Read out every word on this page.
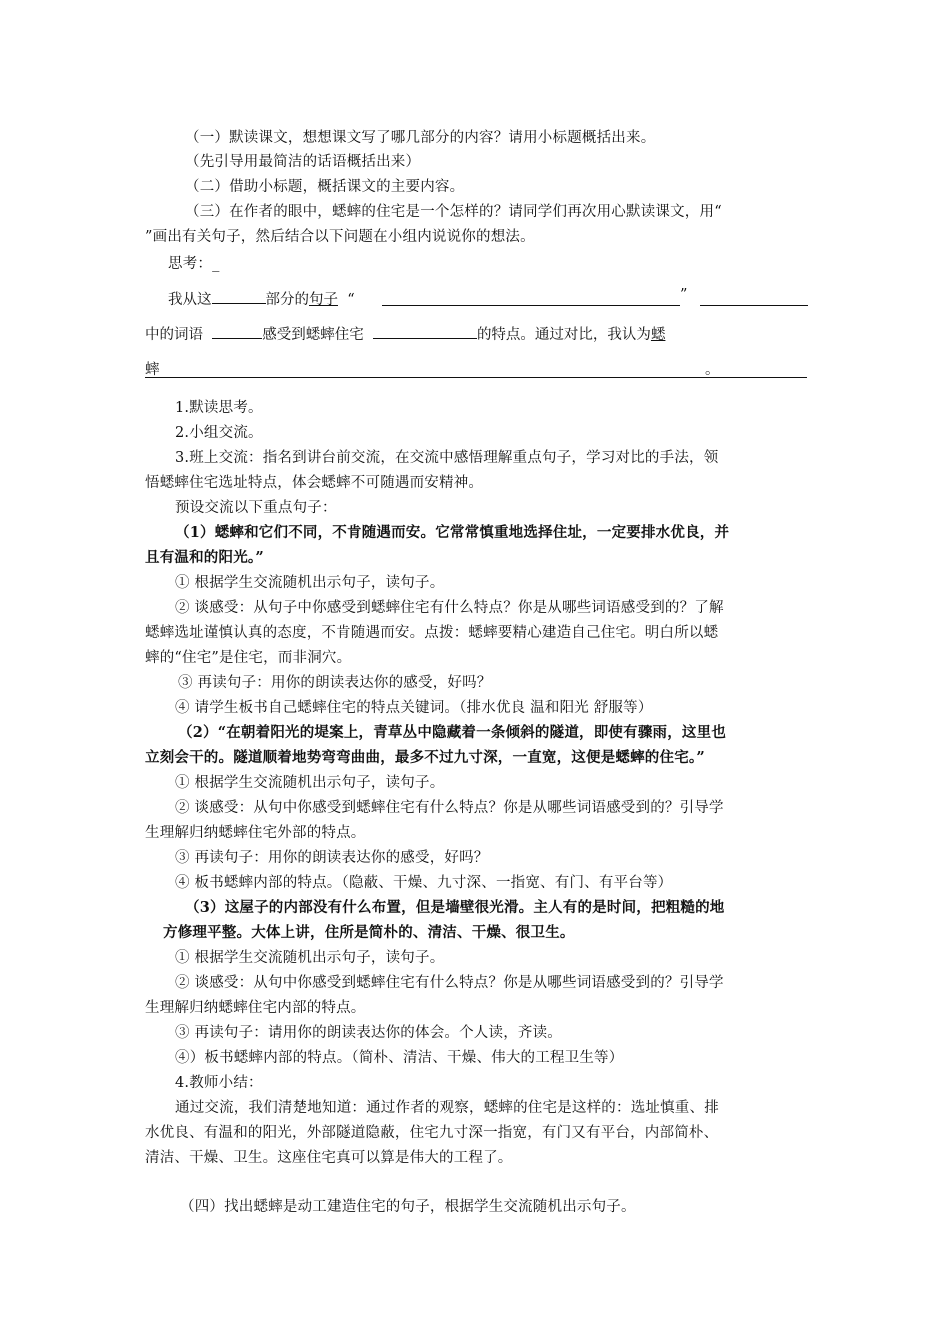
（一）默读课文，想想课文写了哪几部分的内容？请用小标题概括出来。
（先引导用最简洁的话语概括出来）
（二）借助小标题，概括课文的主要内容。
（三）在作者的眼中，蟋蟀的住宅是一个怎样的？请同学们再次用心默读课文，用“
”画出有关句子，然后结合以下问题在小组内说说你的想法。
思考：_
我从这	部分的句子 “	”
中的词语	感受到蟋蟀住宅	的特点。通过对比，我认为蟋
蟀	。
1.默读思考。
2.小组交流。
3.班上交流：指名到讲台前交流，在交流中感悟理解重点句子，学习对比的手法，领
悟蟋蟀住宅选址特点，体会蟋蟀不可随遇而安精神。
预设交流以下重点句子：
（1）蟋蟀和它们不同，不肯随遇而安。它常常慎重地选择住址，一定要排水优良，并
且有温和的阳光。”
① 根据学生交流随机出示句子，读句子。
② 谈感受：从句子中你感受到蟋蟀住宅有什么特点？你是从哪些词语感受到的？了解
蟋蟀选址谨慎认真的态度，不肯随遇而安。点拨：蟋蟀要精心建造自己住宅。明白所以蟋
蟀的“住宅”是住宅，而非洞穴。
③ 再读句子：用你的朗读表达你的感受，好吗？
④ 请学生板书自己蟋蟀住宅的特点关键词。（排水优良 温和阳光 舒服等）
（2）“在朝着阳光的堤案上，青草丛中隐藏着一条倾斜的隧道，即使有骤雨，这里也
立刻会干的。隧道顺着地势弯弯曲曲，最多不过九寸深，一直宽，这便是蟋蟀的住宅。”
① 根据学生交流随机出示句子，读句子。
② 谈感受：从句中你感受到蟋蟀住宅有什么特点？你是从哪些词语感受到的？引导学
生理解归纳蟋蟀住宅外部的特点。
③ 再读句子：用你的朗读表达你的感受，好吗？
④ 板书蟋蟀内部的特点。（隐蔽、干燥、九寸深、一指宽、有门、有平台等）
（3）这屋子的内部没有什么布置，但是墙壁很光滑。主人有的是时间，把粗糙的地
方修理平整。大体上讲，住所是简朴的、清洁、干燥、很卫生。
① 根据学生交流随机出示句子，读句子。
② 谈感受：从句中你感受到蟋蟀住宅有什么特点？你是从哪些词语感受到的？引导学
生理解归纳蟋蟀住宅内部的特点。
③ 再读句子：请用你的朗读表达你的体会。个人读，齐读。
④）板书蟋蟀内部的特点。（简朴、清洁、干燥、伟大的工程卫生等）
4.教师小结：
通过交流，我们清楚地知道：通过作者的观察，蟋蟀的住宅是这样的：选址慎重、排
水优良、有温和的阳光，外部隧道隐蔽，住宅九寸深一指宽，有门又有平台，内部简朴、
清洁、干燥、卫生。这座住宅真可以算是伟大的工程了。
（四）找出蟋蟀是动工建造住宅的句子，根据学生交流随机出示句子。
